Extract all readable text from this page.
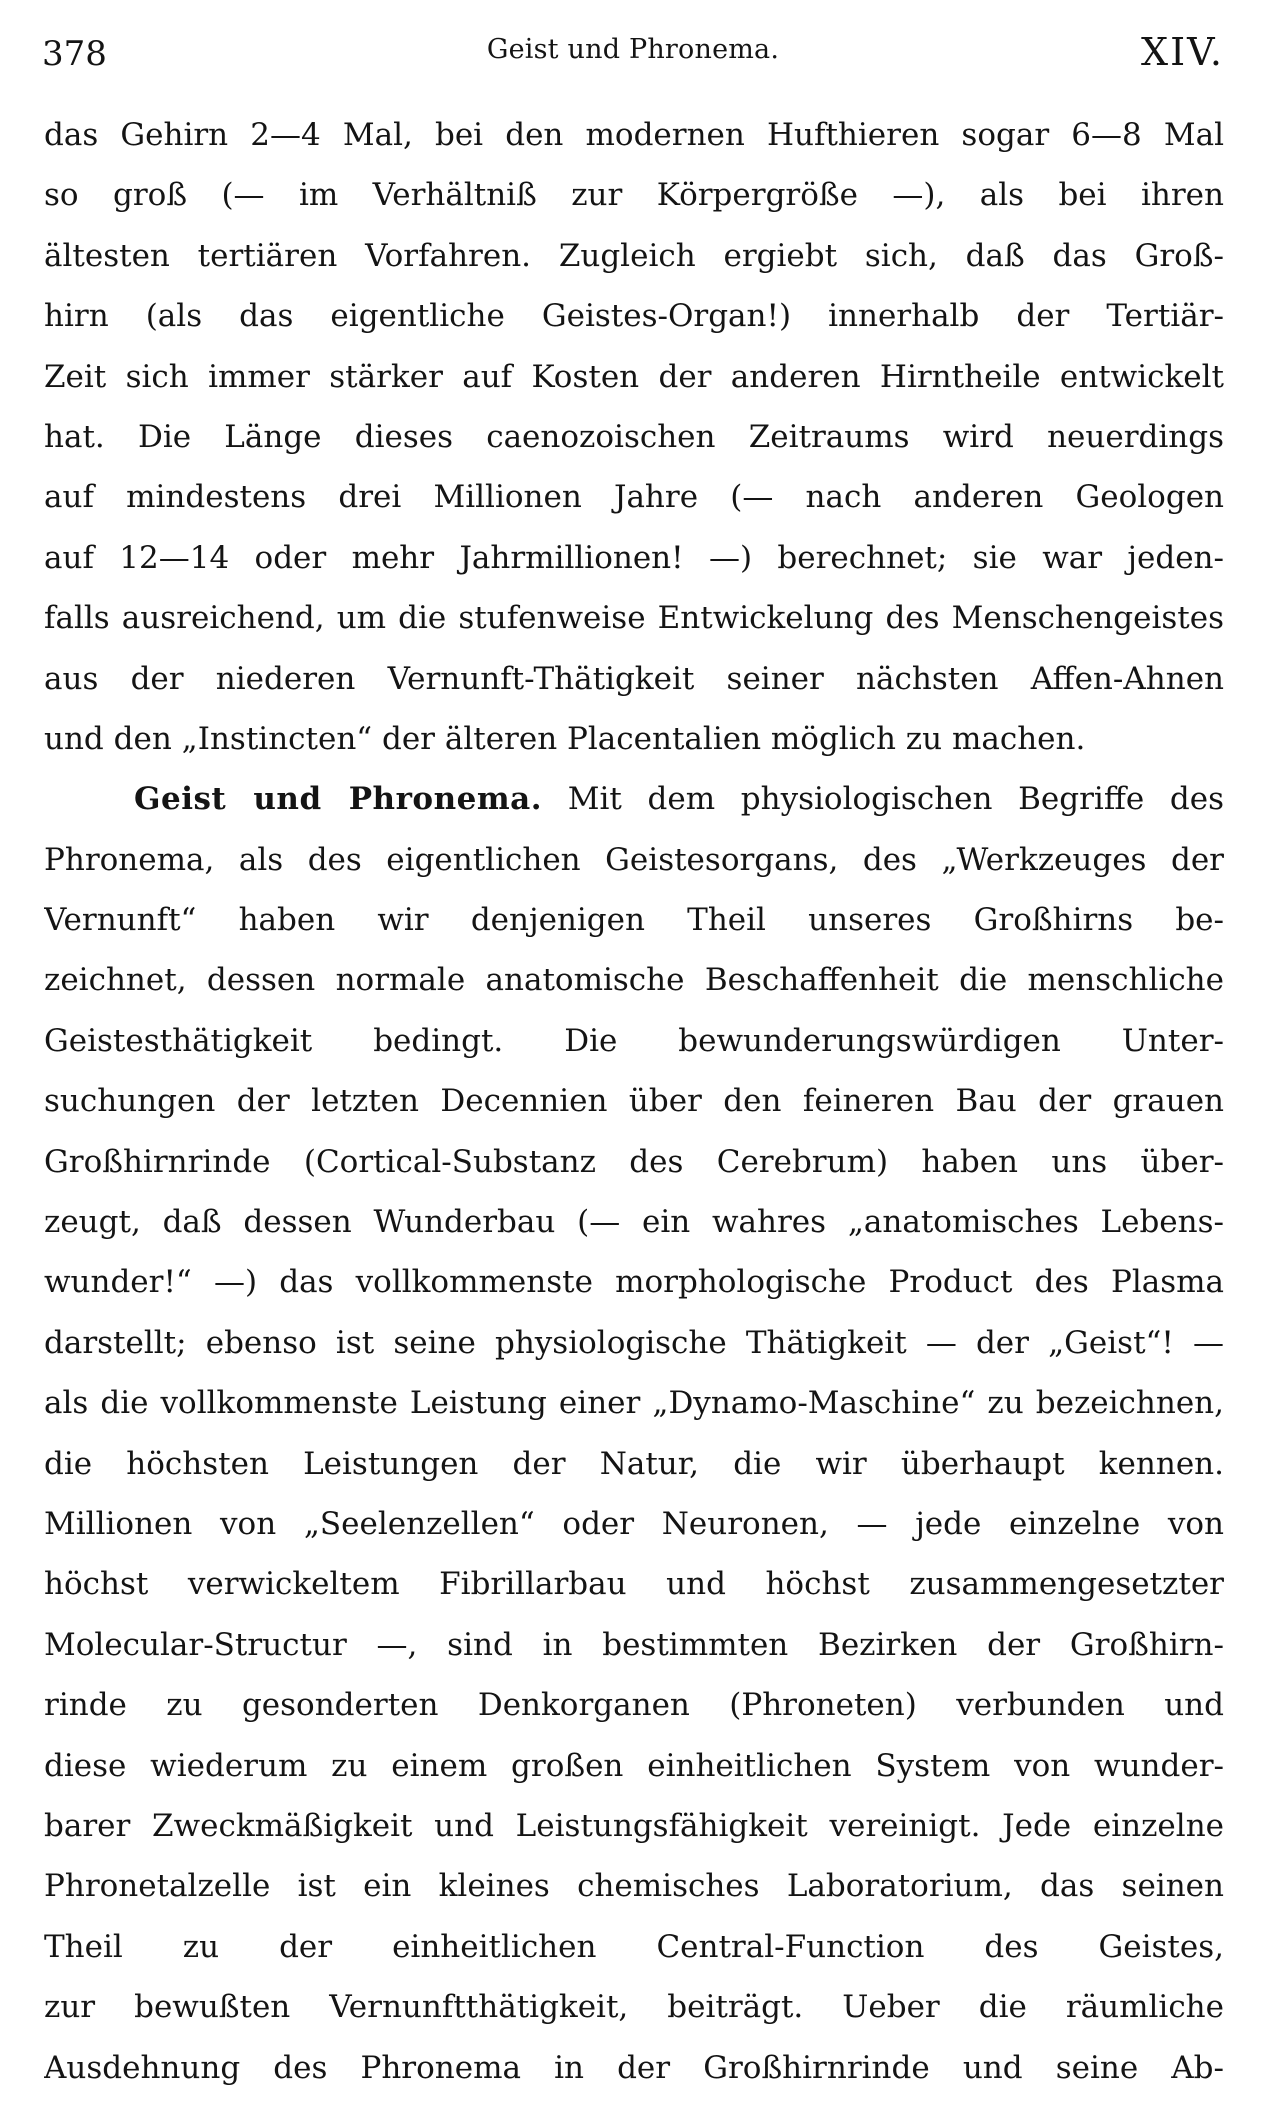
378	Geist und Phronema.	XIV.
das Gehirn 2—4 Mal, bei den modernen Hufthieren sogar 6—8 Mal
so groß (— im Verhältniß zur Körpergröße —), als bei ihren
ältesten tertiären Vorfahren. Zugleich ergiebt sich, daß das Groß-
hirn (als das eigentliche Geistes-Organ!) innerhalb der Tertiär-
Zeit sich immer stärker auf Kosten der anderen Hirntheile entwickelt
hat. Die Länge dieses caenozoischen Zeitraums wird neuerdings
auf mindestens drei Millionen Jahre (— nach anderen Geologen
auf 12—14 oder mehr Jahrmillionen! —) berechnet; sie war jeden-
falls ausreichend, um die stufenweise Entwickelung des Menschengeistes
aus der niederen Vernunft-Thätigkeit seiner nächsten Affen-Ahnen
und den „Instincten“ der älteren Placentalien möglich zu machen.
Geist und Phronema. Mit dem physiologischen Begriffe des
Phronema, als des eigentlichen Geistesorgans, des „Werkzeuges der
Vernunft“ haben wir denjenigen Theil unseres Großhirns be-
zeichnet, dessen normale anatomische Beschaffenheit die menschliche
Geistesthätigkeit bedingt. Die bewunderungswürdigen Unter-
suchungen der letzten Decennien über den feineren Bau der grauen
Großhirnrinde (Cortical-Substanz des Cerebrum) haben uns über-
zeugt, daß dessen Wunderbau (— ein wahres „anatomisches Lebens-
wunder!“ —) das vollkommenste morphologische Product des Plasma
darstellt; ebenso ist seine physiologische Thätigkeit — der „Geist“! —
als die vollkommenste Leistung einer „Dynamo-Maschine“ zu bezeichnen,
die höchsten Leistungen der Natur, die wir überhaupt kennen.
Millionen von „Seelenzellen“ oder Neuronen, — jede einzelne von
höchst verwickeltem Fibrillarbau und höchst zusammengesetzter
Molecular-Structur —, sind in bestimmten Bezirken der Großhirn-
rinde zu gesonderten Denkorganen (Phroneten) verbunden und
diese wiederum zu einem großen einheitlichen System von wunder-
barer Zweckmäßigkeit und Leistungsfähigkeit vereinigt. Jede einzelne
Phronetalzelle ist ein kleines chemisches Laboratorium, das seinen
Theil zu der einheitlichen Central-Function des Geistes,
zur bewußten Vernunftthätigkeit, beiträgt. Ueber die räumliche
Ausdehnung des Phronema in der Großhirnrinde und seine Ab-
